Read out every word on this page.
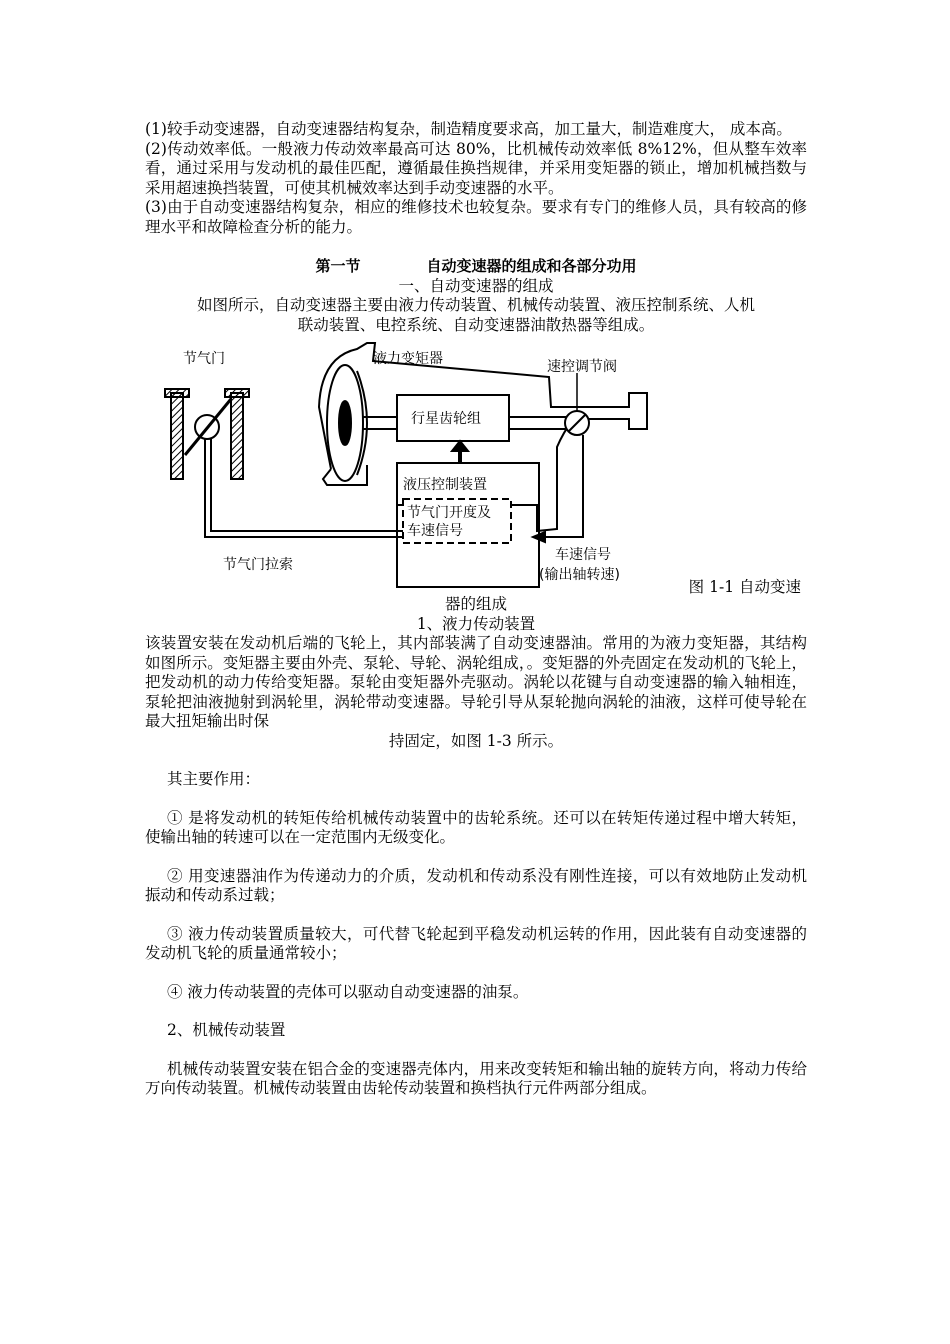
(1)较手动变速器，自动变速器结构复杂，制造精度要求高，加工量大，制造难度大， 成本高。

(2)传动效率低。一般液力传动效率最高可达 80%，比机械传动效率低 8%12%，但从整车效率看，通过采用与发动机的最佳匹配，遵循最佳换挡规律，并采用变矩器的锁止，增加机械挡数与采用超速换挡装置，可使其机械效率达到手动变速器的水平。

(3)由于自动变速器结构复杂，相应的维修技术也较复杂。要求有专门的维修人员，具有较高的修理水平和故障检查分析的能力。

第一节	自动变速器的组成和各部分功用

一、自动变速器的组成

如图所示，自动变速器主要由液力传动装置、机械传动装置、液压控制系统、人机

联动装置、电控系统、自动变速器油散热器等组成。

节气门	液力变矩器	速控调节阀
行星齿轮组
液压控制装置
节气门开度及
车速信号
车速信号
(输出轴转速)
节气门拉索
图 1-1 自动变速

器的组成

1、液力传动装置

该装置安装在发动机后端的飞轮上，其内部装满了自动变速器油。常用的为液力变矩器，其结构如图所示。变矩器主要由外壳、泵轮、导轮、涡轮组成，。变矩器的外壳固定在发动机的飞轮上，把发动机的动力传给变矩器。泵轮由变矩器外壳驱动。涡轮以花键与自动变速器的输入轴相连，泵轮把油液抛射到涡轮里，涡轮带动变速器。导轮引导从泵轮抛向涡轮的油液，这样可使导轮在最大扭矩输出时保

持固定，如图 1-3 所示。

其主要作用：

① 是将发动机的转矩传给机械传动装置中的齿轮系统。还可以在转矩传递过程中增大转矩，使输出轴的转速可以在一定范围内无级变化。

② 用变速器油作为传递动力的介质，发动机和传动系没有刚性连接，可以有效地防止发动机振动和传动系过载；

③ 液力传动装置质量较大，可代替飞轮起到平稳发动机运转的作用，因此装有自动变速器的发动机飞轮的质量通常较小；

④ 液力传动装置的壳体可以驱动自动变速器的油泵。

2、机械传动装置

机械传动装置安装在铝合金的变速器壳体内，用来改变转矩和输出轴的旋转方向，将动力传给万向传动装置。机械传动装置由齿轮传动装置和换档执行元件两部分组成。
